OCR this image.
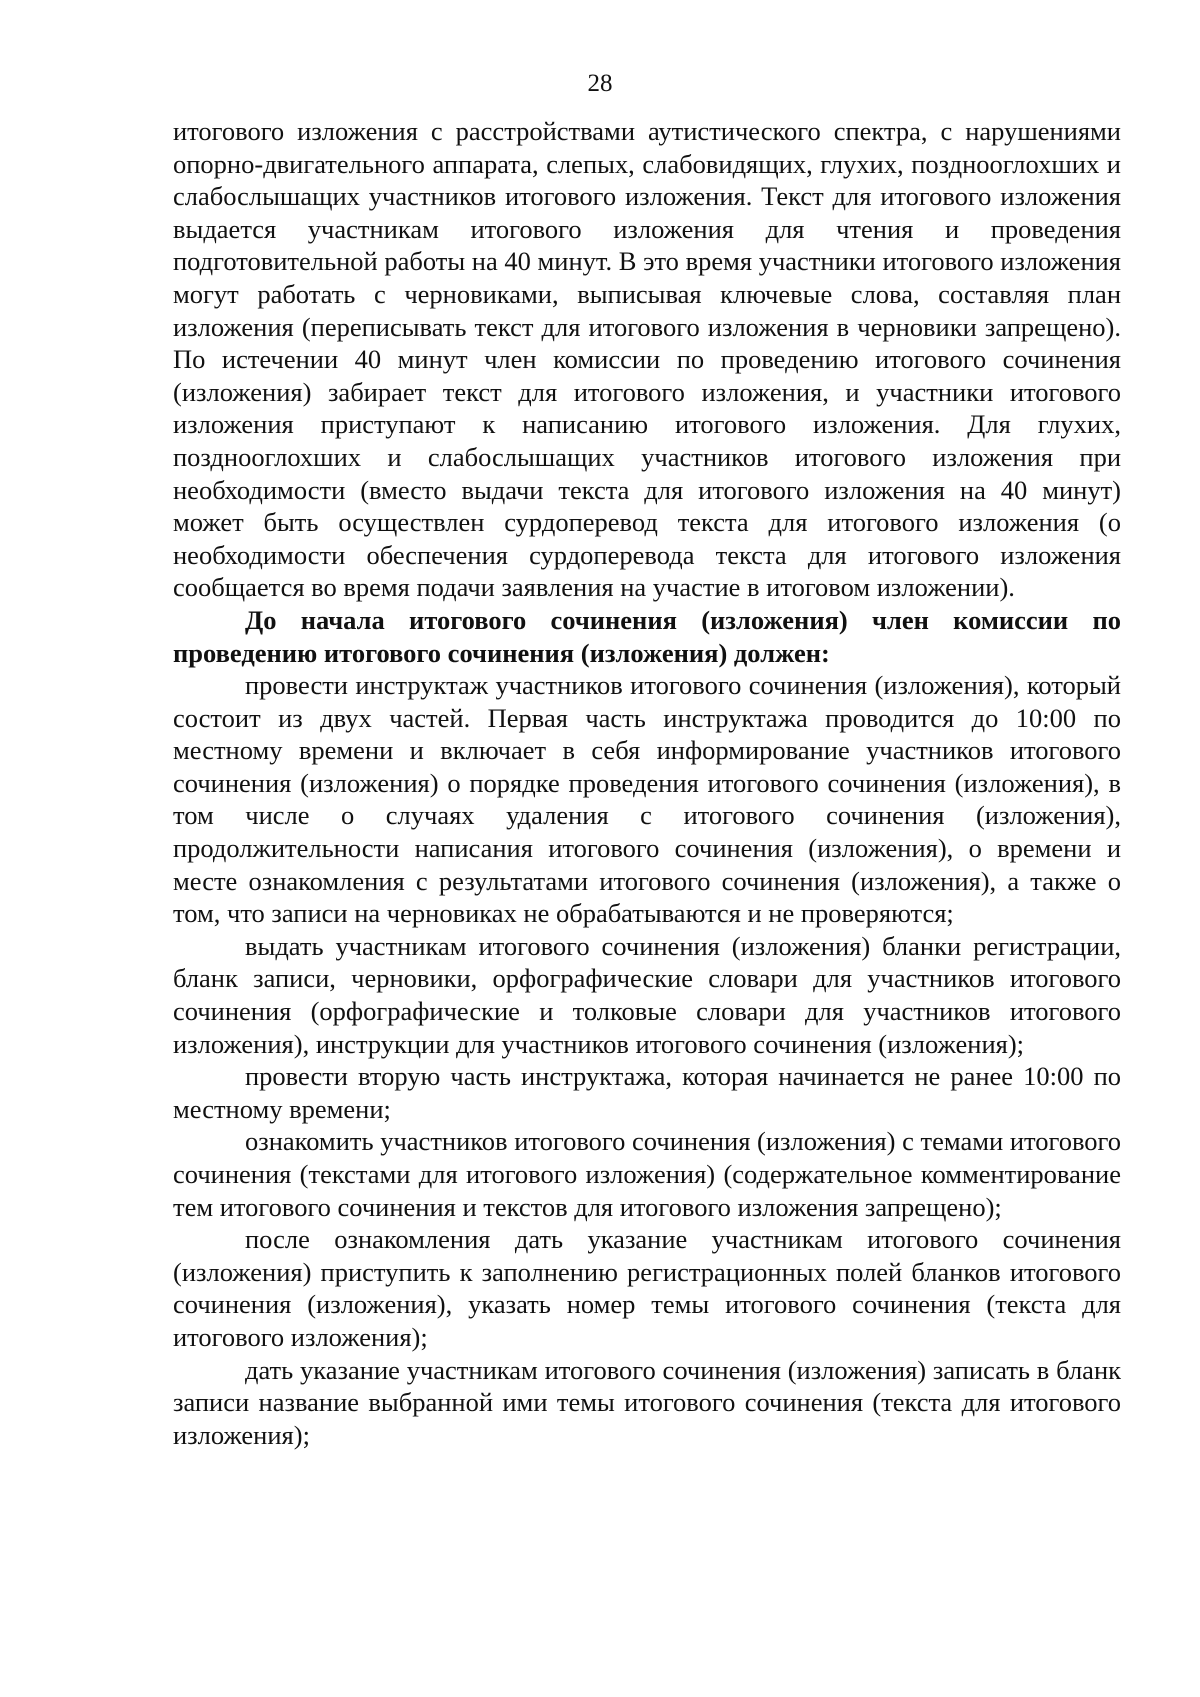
28

итогового изложения с расстройствами аутистического спектра, с нарушениями опорно-двигательного аппарата, слепых, слабовидящих, глухих, позднооглохших и слабослышащих участников итогового изложения. Текст для итогового изложения выдается участникам итогового изложения для чтения и проведения подготовительной работы на 40 минут. В это время участники итогового изложения могут работать с черновиками, выписывая ключевые слова, составляя план изложения (переписывать текст для итогового изложения в черновики запрещено). По истечении 40 минут член комиссии по проведению итогового сочинения (изложения) забирает текст для итогового изложения, и участники итогового изложения приступают к написанию итогового изложения. Для глухих, позднооглохших и слабослышащих участников итогового изложения при необходимости (вместо выдачи текста для итогового изложения на 40 минут) может быть осуществлен сурдоперевод текста для итогового изложения (о необходимости обеспечения сурдоперевода текста для итогового изложения сообщается во время подачи заявления на участие в итоговом изложении).

До начала итогового сочинения (изложения) член комиссии по проведению итогового сочинения (изложения) должен:

провести инструктаж участников итогового сочинения (изложения), который состоит из двух частей. Первая часть инструктажа проводится до 10:00 по местному времени и включает в себя информирование участников итогового сочинения (изложения) о порядке проведения итогового сочинения (изложения), в том числе о случаях удаления с итогового сочинения (изложения), продолжительности написания итогового сочинения (изложения), о времени и месте ознакомления с результатами итогового сочинения (изложения), а также о том, что записи на черновиках не обрабатываются и не проверяются;

выдать участникам итогового сочинения (изложения) бланки регистрации, бланк записи, черновики, орфографические словари для участников итогового сочинения (орфографические и толковые словари для участников итогового изложения), инструкции для участников итогового сочинения (изложения);

провести вторую часть инструктажа, которая начинается не ранее 10:00 по местному времени;

ознакомить участников итогового сочинения (изложения) с темами итогового сочинения (текстами для итогового изложения) (содержательное комментирование тем итогового сочинения и текстов для итогового изложения запрещено);

после ознакомления дать указание участникам итогового сочинения (изложения) приступить к заполнению регистрационных полей бланков итогового сочинения (изложения), указать номер темы итогового сочинения (текста для итогового изложения);

дать указание участникам итогового сочинения (изложения) записать в бланк записи название выбранной ими темы итогового сочинения (текста для итогового изложения);
